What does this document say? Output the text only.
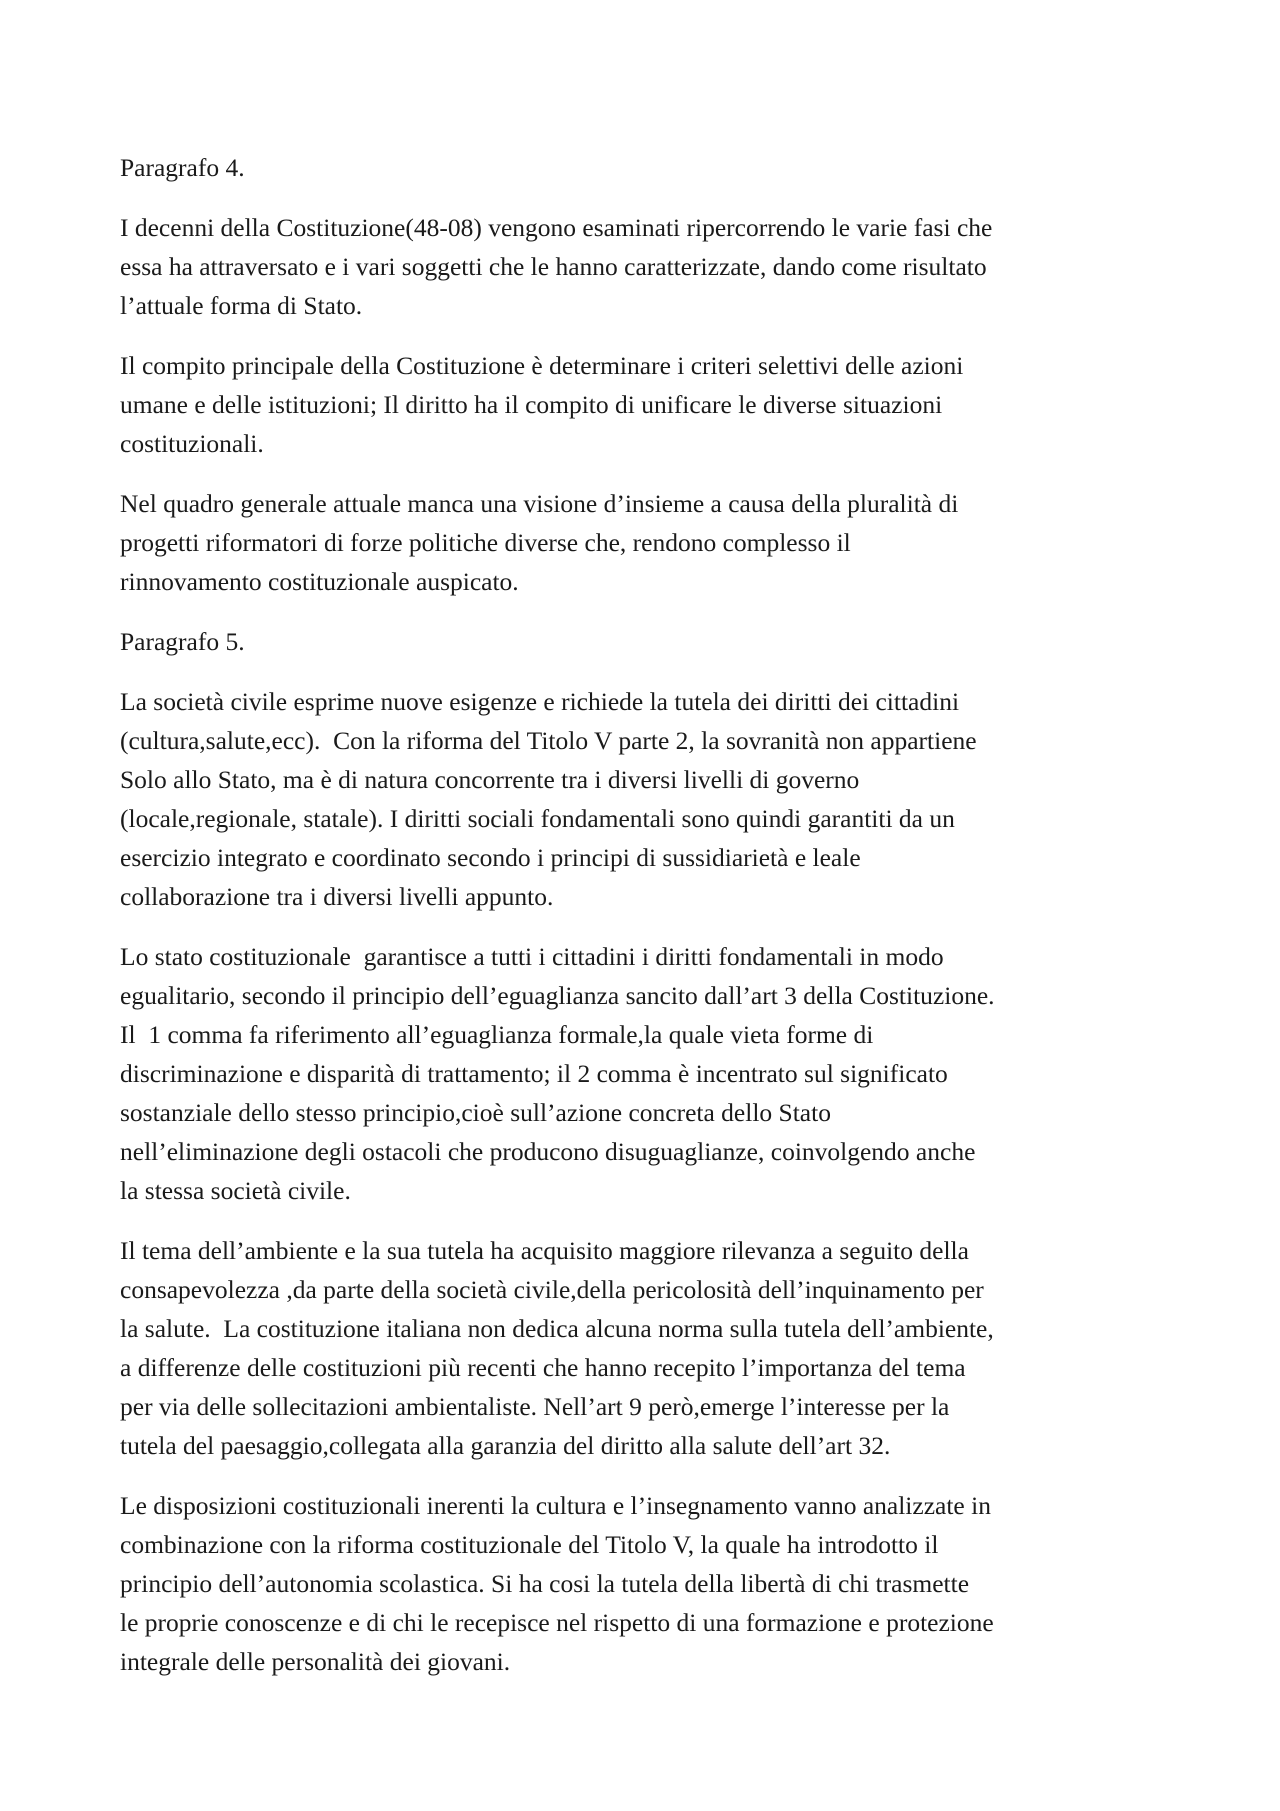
Paragrafo 4.

I decenni della Costituzione(48-08) vengono esaminati ripercorrendo le varie fasi che
essa ha attraversato e i vari soggetti che le hanno caratterizzate, dando come risultato
l’attuale forma di Stato.

Il compito principale della Costituzione è determinare i criteri selettivi delle azioni
umane e delle istituzioni; Il diritto ha il compito di unificare le diverse situazioni
costituzionali.

Nel quadro generale attuale manca una visione d’insieme a causa della pluralità di
progetti riformatori di forze politiche diverse che, rendono complesso il
rinnovamento costituzionale auspicato.

Paragrafo 5.

La società civile esprime nuove esigenze e richiede la tutela dei diritti dei cittadini
(cultura,salute,ecc).  Con la riforma del Titolo V parte 2, la sovranità non appartiene
Solo allo Stato, ma è di natura concorrente tra i diversi livelli di governo
(locale,regionale, statale). I diritti sociali fondamentali sono quindi garantiti da un
esercizio integrato e coordinato secondo i principi di sussidiarietà e leale
collaborazione tra i diversi livelli appunto.

Lo stato costituzionale  garantisce a tutti i cittadini i diritti fondamentali in modo
egualitario, secondo il principio dell’eguaglianza sancito dall’art 3 della Costituzione.
Il  1 comma fa riferimento all’eguaglianza formale,la quale vieta forme di
discriminazione e disparità di trattamento; il 2 comma è incentrato sul significato
sostanziale dello stesso principio,cioè sull’azione concreta dello Stato
nell’eliminazione degli ostacoli che producono disuguaglianze, coinvolgendo anche
la stessa società civile.

Il tema dell’ambiente e la sua tutela ha acquisito maggiore rilevanza a seguito della
consapevolezza ,da parte della società civile,della pericolosità dell’inquinamento per
la salute.  La costituzione italiana non dedica alcuna norma sulla tutela dell’ambiente,
a differenze delle costituzioni più recenti che hanno recepito l’importanza del tema
per via delle sollecitazioni ambientaliste. Nell’art 9 però,emerge l’interesse per la
tutela del paesaggio,collegata alla garanzia del diritto alla salute dell’art 32.

Le disposizioni costituzionali inerenti la cultura e l’insegnamento vanno analizzate in
combinazione con la riforma costituzionale del Titolo V, la quale ha introdotto il
principio dell’autonomia scolastica. Si ha cosi la tutela della libertà di chi trasmette
le proprie conoscenze e di chi le recepisce nel rispetto di una formazione e protezione
integrale delle personalità dei giovani.
